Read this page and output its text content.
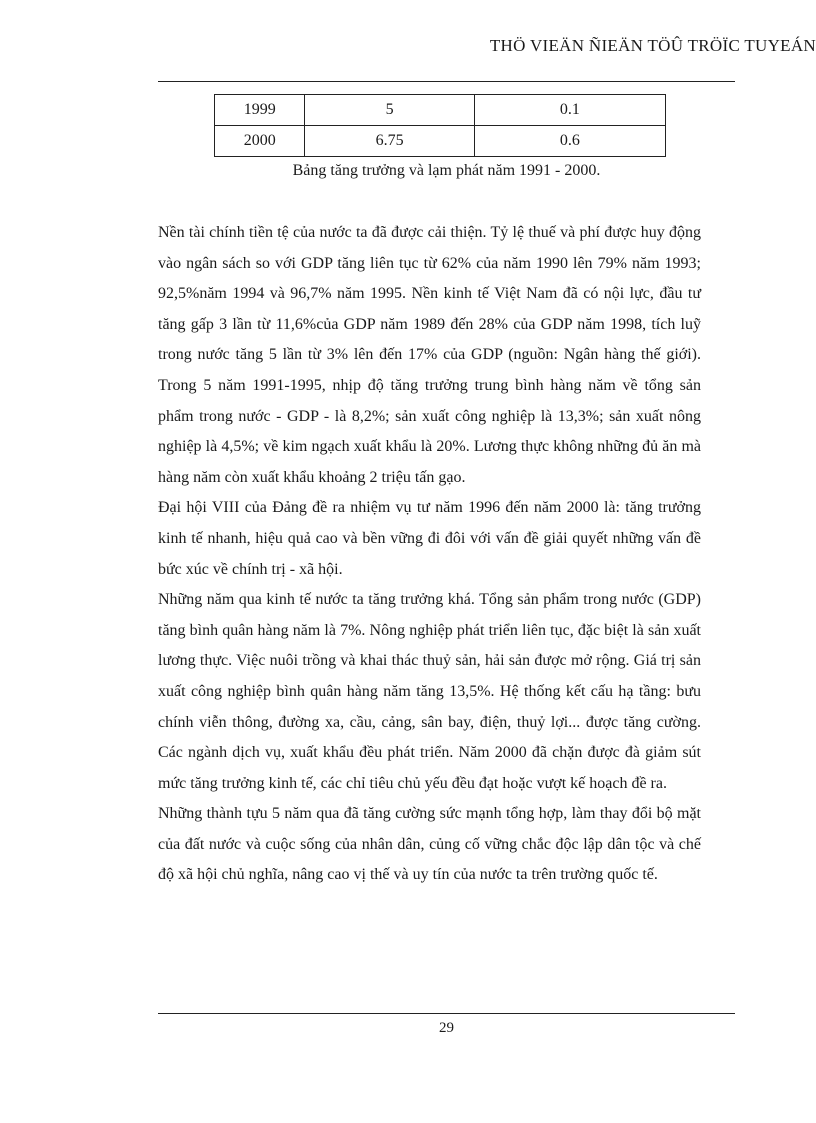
THÖ VIEÄN ÑIEÄN TÖÛ TRÖÏC TUYEÁN
1999	5	0.1
2000	6.75	0.6
Bảng tăng trưởng và lạm phát năm 1991 - 2000.

Nền tài chính tiền tệ của nước ta đã được cải thiện. Tỷ lệ thuế và phí được huy động vào ngân sách so với GDP tăng liên tục từ 62% của năm 1990 lên 79% năm 1993; 92,5%năm 1994 và 96,7% năm 1995. Nền kinh tế Việt Nam đã có nội lực, đầu tư tăng gấp 3 lần từ 11,6%của GDP năm 1989 đến 28% của GDP năm 1998, tích luỹ trong nước tăng 5 lần từ 3% lên đến 17% của GDP (nguồn: Ngân hàng thế giới). Trong 5 năm 1991-1995, nhịp độ tăng trưởng trung bình hàng năm về tổng sản phẩm trong nước - GDP - là 8,2%; sản xuất công nghiệp là 13,3%; sản xuất nông nghiệp là 4,5%; về kim ngạch xuất khẩu là 20%. Lương thực không những đủ ăn mà hàng năm còn xuất khẩu khoảng 2 triệu tấn gạo.

Đại hội VIII của Đảng đề ra nhiệm vụ tư năm 1996 đến năm 2000 là: tăng trưởng kinh tế nhanh, hiệu quả cao và bền vững đi đôi với vấn đề giải quyết những vấn đề bức xúc về chính trị - xã hội.

Những năm qua kinh tế nước ta tăng trưởng khá. Tổng sản phẩm trong nước (GDP) tăng bình quân hàng năm là 7%. Nông nghiệp phát triển liên tục, đặc biệt là sản xuất lương thực. Việc nuôi trồng và khai thác thuỷ sản, hải sản được mở rộng. Giá trị sản xuất công nghiệp bình quân hàng năm tăng 13,5%. Hệ thống kết cấu hạ tầng: bưu chính viễn thông, đường xa, cầu, cảng, sân bay, điện, thuỷ lợi... được tăng cường. Các ngành dịch vụ, xuất khẩu đều phát triển. Năm 2000 đã chặn được đà giảm sút mức tăng trưởng kinh tế, các chỉ tiêu chủ yếu đều đạt hoặc vượt kế hoạch đề ra.

Những thành tựu 5 năm qua đã tăng cường sức mạnh tổng hợp, làm thay đổi bộ mặt của đất nước và cuộc sống của nhân dân, củng cố vững chắc độc lập dân tộc và chế độ xã hội chủ nghĩa, nâng cao vị thế và uy tín của nước ta trên trường quốc tế.

29
